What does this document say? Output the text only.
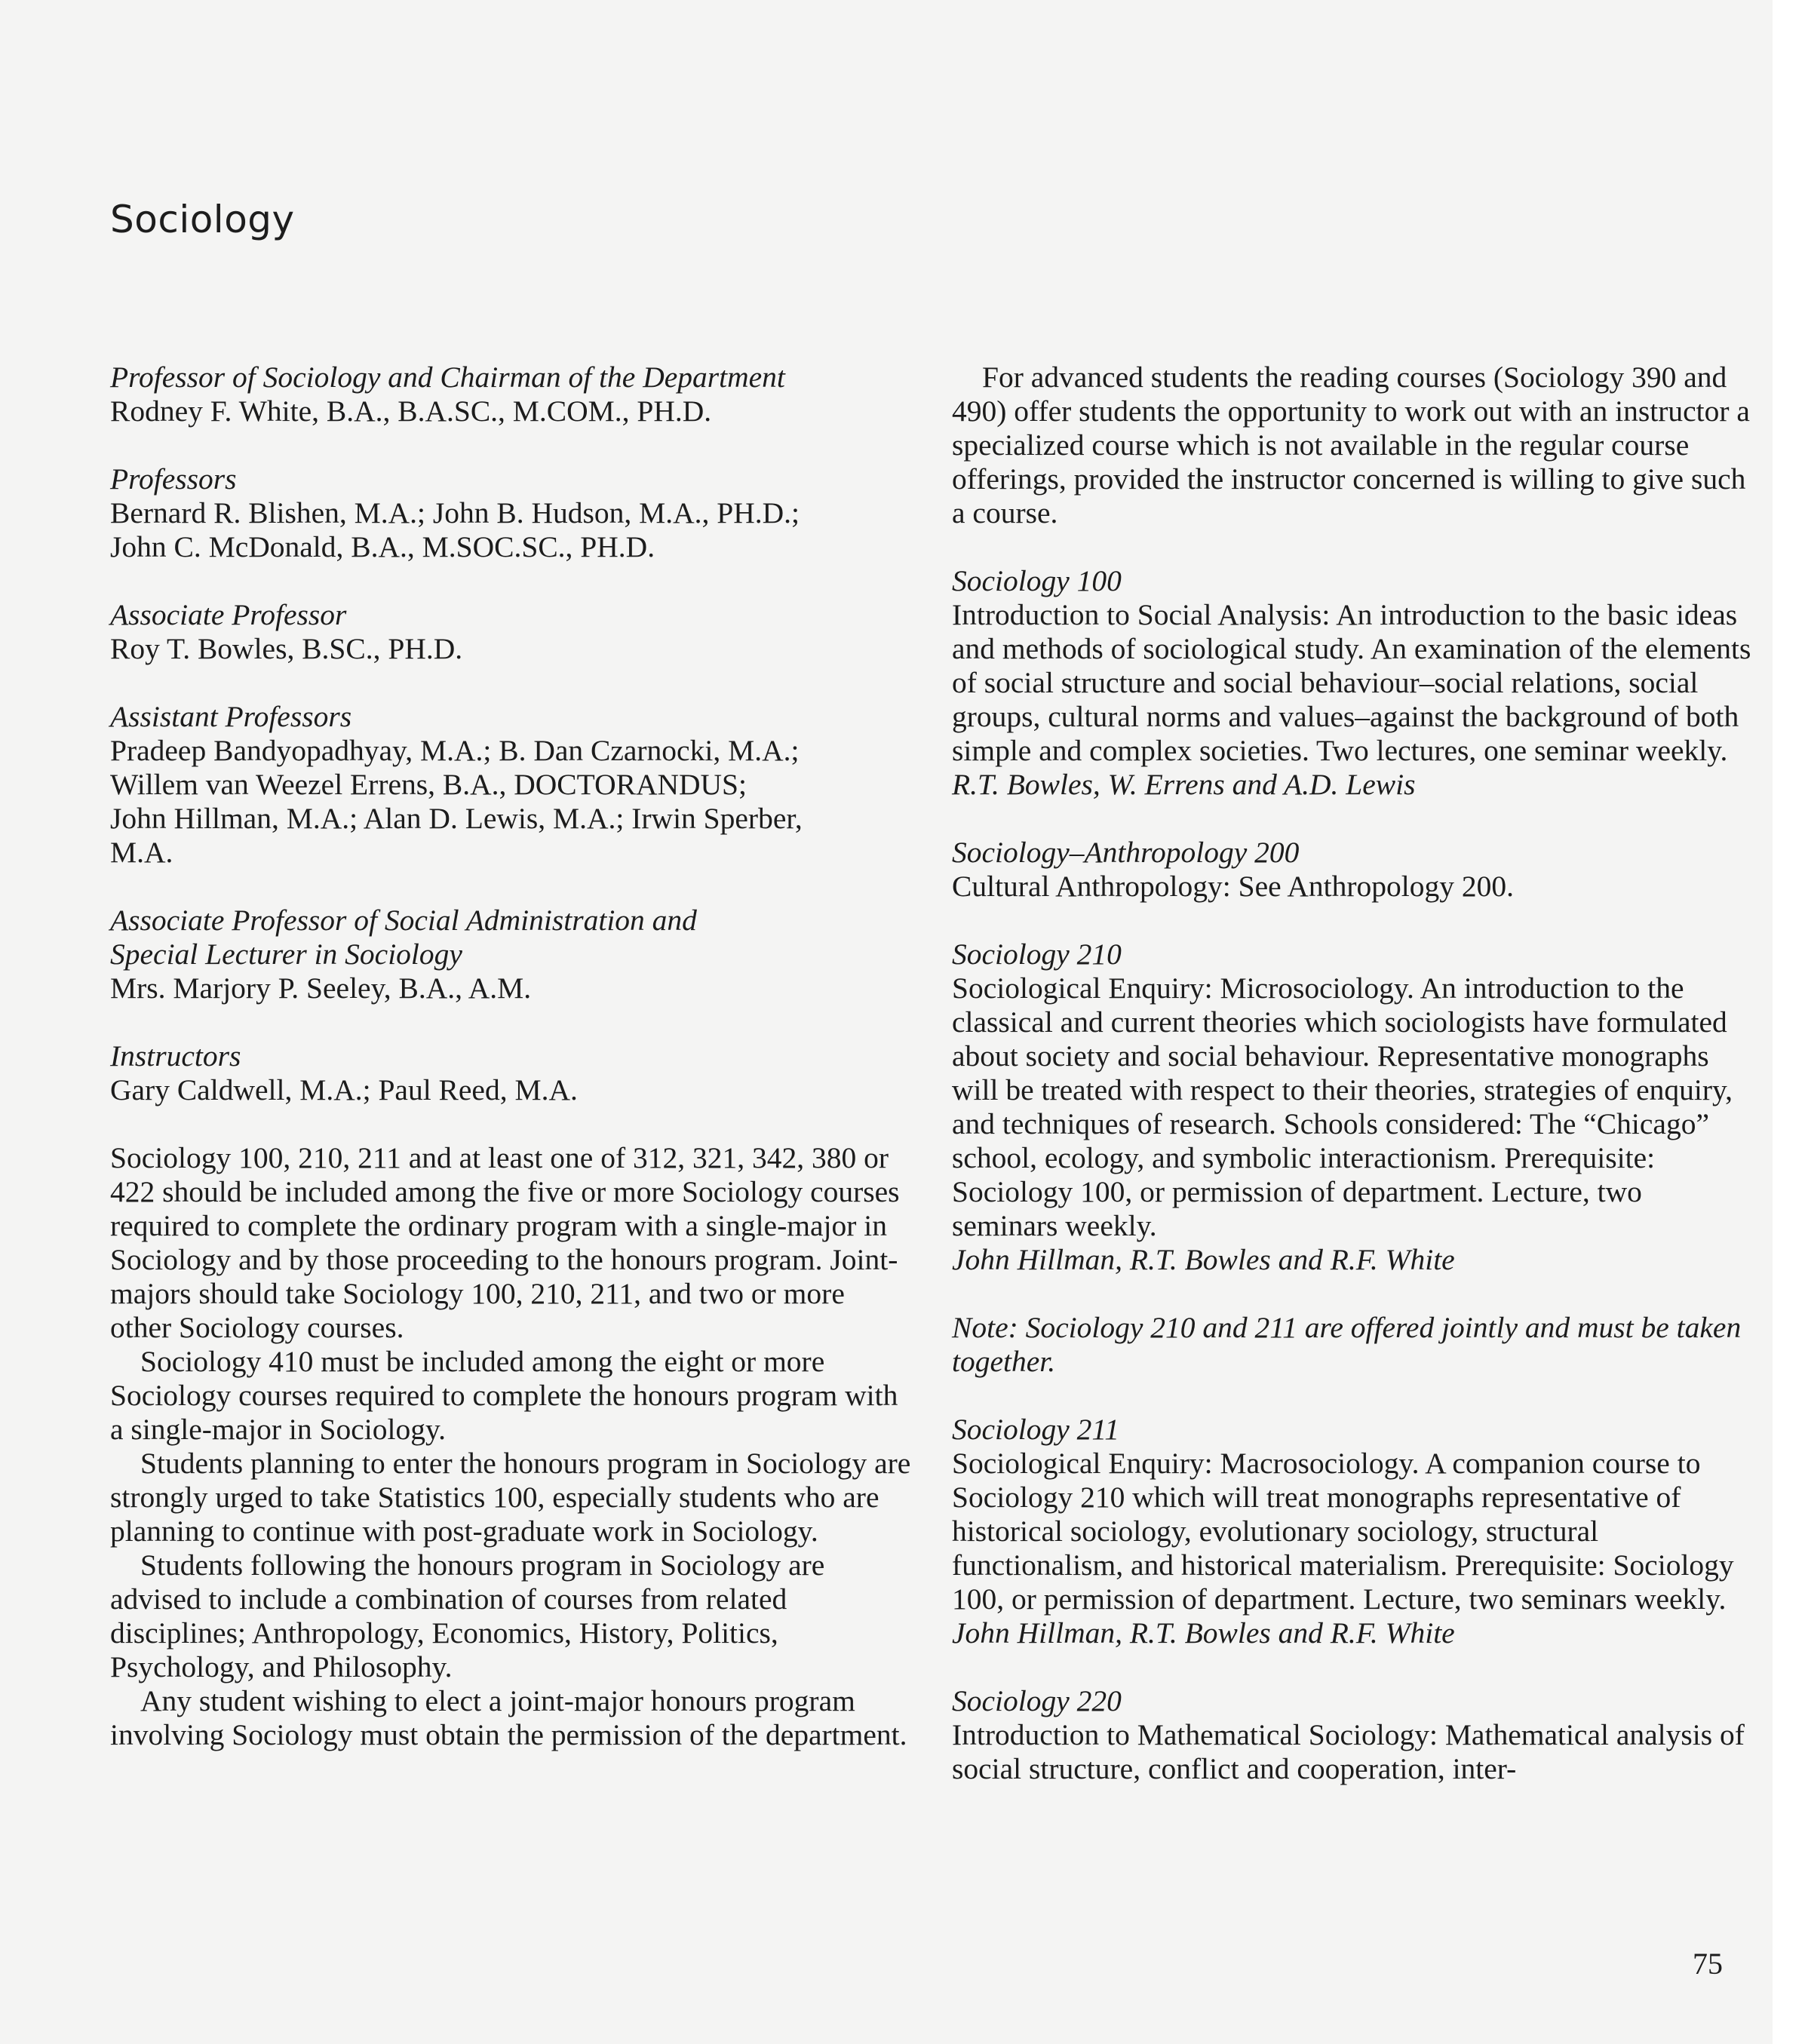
Sociology
Professor of Sociology and Chairman of the Department
Rodney F. White, B.A., B.A.SC., M.COM., PH.D.
Professors
Bernard R. Blishen, M.A.; John B. Hudson, M.A., PH.D.;
John C. McDonald, B.A., M.SOC.SC., PH.D.
Associate Professor
Roy T. Bowles, B.SC., PH.D.
Assistant Professors
Pradeep Bandyopadhyay, M.A.; B. Dan Czarnocki, M.A.;
Willem van Weezel Errens, B.A., DOCTORANDUS;
John Hillman, M.A.; Alan D. Lewis, M.A.; Irwin Sperber,
M.A.
Associate Professor of Social Administration and
Special Lecturer in Sociology
Mrs. Marjory P. Seeley, B.A., A.M.
Instructors
Gary Caldwell, M.A.; Paul Reed, M.A.
Sociology 100, 210, 211 and at least one of 312, 321, 342, 380 or 422 should be included among the five or more Sociology courses required to complete the ordinary program with a single-major in Sociology and by those proceeding to the honours program. Joint-majors should take Sociology 100, 210, 211, and two or more other Sociology courses.
Sociology 410 must be included among the eight or more Sociology courses required to complete the honours program with a single-major in Sociology.
Students planning to enter the honours program in Sociology are strongly urged to take Statistics 100, especially students who are planning to continue with post-graduate work in Sociology.
Students following the honours program in Sociology are advised to include a combination of courses from related disciplines; Anthropology, Economics, History, Politics, Psychology, and Philosophy.
Any student wishing to elect a joint-major honours program involving Sociology must obtain the permission of the department.
For advanced students the reading courses (Sociology 390 and 490) offer students the opportunity to work out with an instructor a specialized course which is not available in the regular course offerings, provided the instructor concerned is willing to give such a course.
Sociology 100
Introduction to Social Analysis: An introduction to the basic ideas and methods of sociological study. An examination of the elements of social structure and social behaviour–social relations, social groups, cultural norms and values–against the background of both simple and complex societies. Two lectures, one seminar weekly.
R.T. Bowles, W. Errens and A.D. Lewis
Sociology–Anthropology 200
Cultural Anthropology: See Anthropology 200.
Sociology 210
Sociological Enquiry: Microsociology. An introduction to the classical and current theories which sociologists have formulated about society and social behaviour. Representative monographs will be treated with respect to their theories, strategies of enquiry, and techniques of research. Schools considered: The “Chicago” school, ecology, and symbolic interactionism. Prerequisite: Sociology 100, or permission of department. Lecture, two seminars weekly.
John Hillman, R.T. Bowles and R.F. White
Note: Sociology 210 and 211 are offered jointly and must be taken together.
Sociology 211
Sociological Enquiry: Macrosociology. A companion course to Sociology 210 which will treat monographs representative of historical sociology, evolutionary sociology, structural functionalism, and historical materialism. Prerequisite: Sociology 100, or permission of department. Lecture, two seminars weekly.
John Hillman, R.T. Bowles and R.F. White
Sociology 220
Introduction to Mathematical Sociology: Mathematical analysis of social structure, conflict and cooperation, inter-
75
